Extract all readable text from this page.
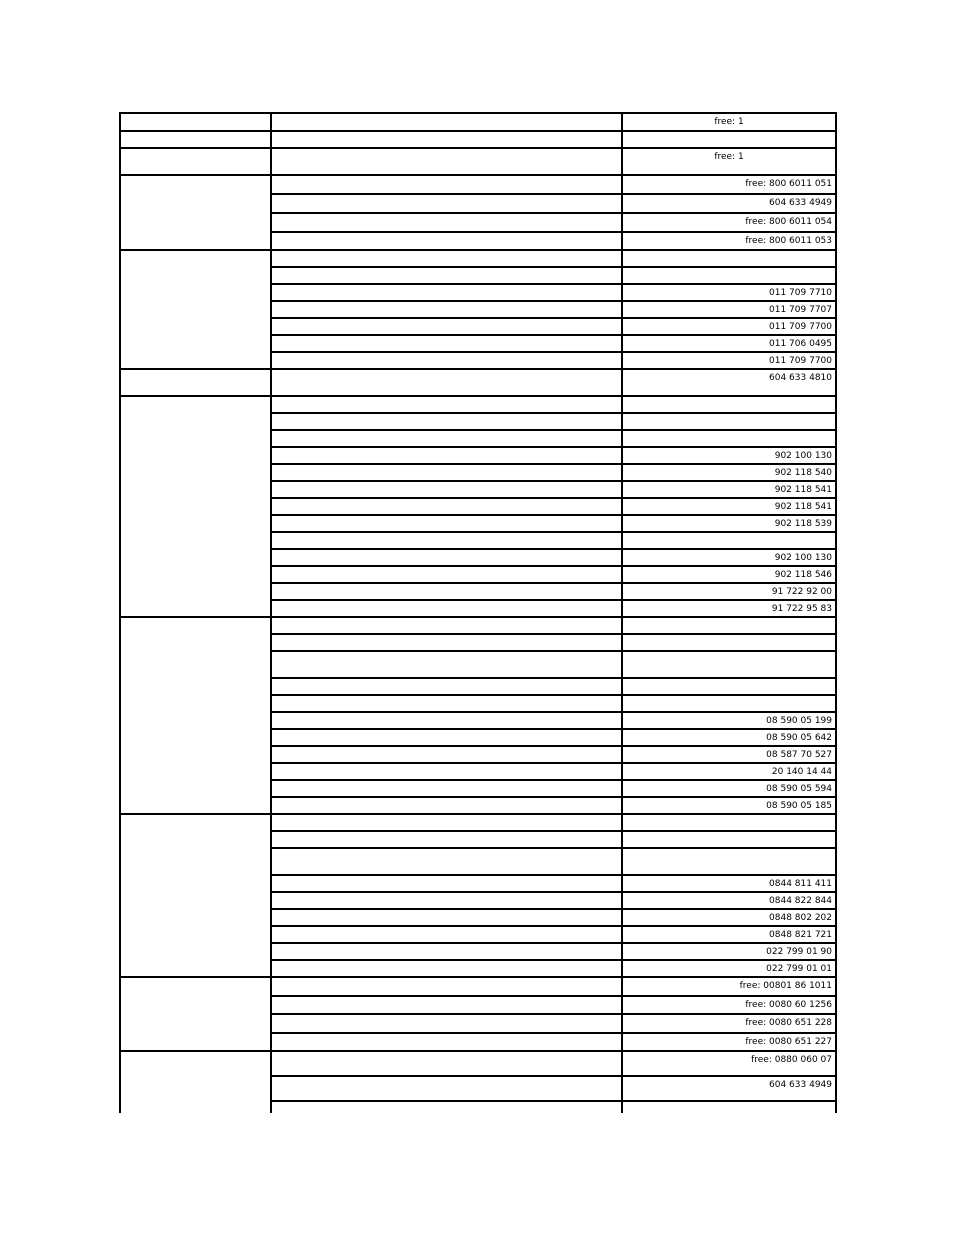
		free: 1

		free: 1
		free: 800 6011 051
		604 633 4949
		free: 800 6011 054
		free: 800 6011 053

		011 709 7710
		011 709 7707
		011 709 7700
		011 706 0495
		011 709 7700
		604 633 4810

		902 100 130
		902 118 540
		902 118 541
		902 118 541
		902 118 539

		902 100 130
		902 118 546
		91 722 92 00
		91 722 95 83

		08 590 05 199
		08 590 05 642
		08 587 70 527
		20 140 14 44
		08 590 05 594
		08 590 05 185

		0844 811 411
		0844 822 844
		0848 802 202
		0848 821 721
		022 799 01 90
		022 799 01 01
		free: 00801 86 1011
		free: 0080 60 1256
		free: 0080 651 228
		free: 0080 651 227
		free: 0880 060 07
		604 633 4949
